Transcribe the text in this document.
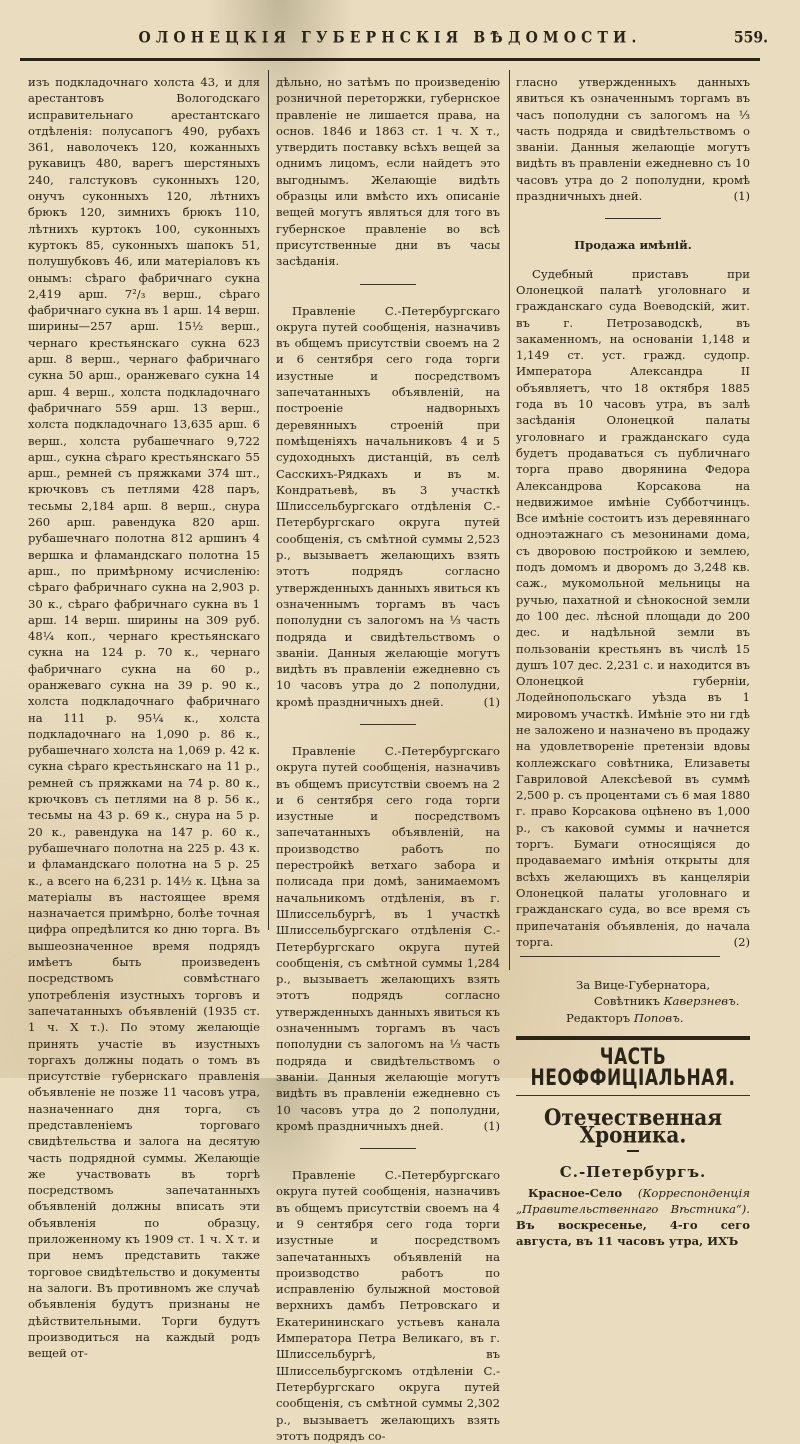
ОЛОНЕЦКІЯ ГУБЕРНСКІЯ ВѢДОМОСТИ.	559.

изъ подкладочнаго холста 43, и для арестантовъ Вологодскаго исправительнаго арестантскаго отдѣленія: полусапогъ 490, рубахъ 361, наволочекъ 120, кожанныхъ рукавицъ 480, варегъ шерстяныхъ 240, галстуковъ суконныхъ 120, онучъ суконныхъ 120, лѣтнихъ брюкъ 120, зимнихъ брюкъ 110, лѣтнихъ куртокъ 100, суконныхъ куртокъ 85, суконныхъ шапокъ 51, полушубковъ 46, или матеріаловъ къ онымъ: сѣраго фабричнаго сукна 2,419 арш. 7²/₃ верш., сѣраго фабричнаго сукна въ 1 арш. 14 верш. ширины—257 арш. 15½ верш., чернаго крестьянскаго сукна 623 арш. 8 верш., чернаго фабричнаго сукна 50 арш., оранжеваго сукна 14 арш. 4 верш., холста подкладочнаго фабричнаго 559 арш. 13 верш., холста подкладочнаго 13,635 арш. 6 верш., холста рубашечнаго 9,722 арш., сукна сѣраго крестьянскаго 55 арш., ремней съ пряжками 374 шт., крючковъ съ петлями 428 паръ, тесьмы 2,184 арш. 8 верш., снура 260 арш. равендука 820 арш. рубашечнаго полотна 812 аршинъ 4 вершка и фламандскаго полотна 15 арш., по примѣрному исчисленію: сѣраго фабричнаго сукна на 2,903 р. 30 к., сѣраго фабричнаго сукна въ 1 арш. 14 верш. ширины на 309 руб. 48¼ коп., чернаго крестьянскаго сукна на 124 р. 70 к., чернаго фабричнаго сукна на 60 р., оранжеваго сукна на 39 р. 90 к., холста подкладочнаго фабричнаго на 111 р. 95¼ к., холста подкладочнаго на 1,090 р. 86 к., рубашечнаго холста на 1,069 р. 42 к. сукна сѣраго крестьянскаго на 11 р., ремней съ пряжками на 74 р. 80 к., крючковъ съ петлями на 8 р. 56 к., тесьмы на 43 р. 69 к., снура на 5 р. 20 к., равендука на 147 р. 60 к., рубашечнаго полотна на 225 р. 43 к. и фламандскаго полотна на 5 р. 25 к., а всего на 6,231 р. 14½ к. Цѣна за матеріалы въ настоящее время назначается примѣрно, болѣе точная цифра опредѣлится ко дню торга. Въ вышеозначенное время подрядъ имѣетъ быть произведенъ посредствомъ совмѣстнаго употребленія изустныхъ торговъ и запечатанныхъ объявленій (1935 ст. 1 ч. X т.). По этому желающіе принять участіе въ изустныхъ торгахъ должны подать о томъ въ присутствіе губернскаго правленія объявленіе не позже 11 часовъ утра, назначеннаго дня торга, съ представленіемъ торговаго свидѣтельства и залога на десятую часть подрядной суммы. Желающіе же участвовать въ торгѣ посредствомъ запечатанныхъ объявленій должны вписать эти объявленія по образцу, приложенному къ 1909 ст. 1 ч. X т. и при немъ представить также торговое свидѣтельство и документы на залоги. Въ противномъ же случаѣ объявленія будутъ признаны не дѣйствительными. Торги будутъ производиться на каждый родъ вещей от-

дѣльно, но затѣмъ по произведенію розничной переторжки, губернское правленіе не лишается права, на основ. 1846 и 1863 ст. 1 ч. X т., утвердить поставку всѣхъ вещей за однимъ лицомъ, если найдетъ это выгоднымъ. Желающіе видѣть образцы или вмѣсто ихъ описаніе вещей могутъ являться для того въ губернское правленіе во всѣ присутственные дни въ часы засѣданія.

Правленіе С.-Петербургскаго округа путей сообщенія, назначивъ въ общемъ присутствіи своемъ на 2 и 6 сентября сего года торги изустные и посредствомъ запечатанныхъ объявленій, на построеніе надворныхъ деревянныхъ строеній при помѣщеніяхъ начальниковъ 4 и 5 судоходныхъ дистанцій, въ селѣ Сасскихъ-Рядкахъ и въ м. Кондратьевѣ, въ 3 участкѣ Шлиссельбургскаго отдѣленія С.-Петербургскаго округа путей сообщенія, съ смѣтной суммы 2,523 р., вызываетъ желающихъ взять этотъ подрядъ согласно утвержденныхъ данныхъ явиться къ означеннымъ торгамъ въ часъ пополудни съ залогомъ на ⅓ часть подряда и свидѣтельствомъ о званіи. Данныя желающіе могутъ видѣть въ правленіи ежедневно съ 10 часовъ утра до 2 пополудни, кромѣ праздничныхъ дней.	(1)

Правленіе С.-Петербургскаго округа путей сообщенія, назначивъ въ общемъ присутствіи своемъ на 2 и 6 сентября сего года торги изустные и посредствомъ запечатанныхъ объявленій, на производство работъ по перестройкѣ ветхаго забора и полисада при домѣ, занимаемомъ начальникомъ отдѣленія, въ г. Шлиссельбургѣ, въ 1 участкѣ Шлиссельбургскаго отдѣленія С.-Петербургскаго округа путей сообщенія, съ смѣтной суммы 1,284 р., вызываетъ желающихъ взять этотъ подрядъ согласно утвержденныхъ данныхъ явиться къ означеннымъ торгамъ въ часъ пополудни съ залогомъ на ⅓ часть подряда и свидѣтельствомъ о званіи. Данныя желающіе могутъ видѣть въ правленіи ежедневно съ 10 часовъ утра до 2 пополудни, кромѣ праздничныхъ дней.	(1)

Правленіе С.-Петербургскаго округа путей сообщенія, назначивъ въ общемъ присутствіи своемъ на 4 и 9 сентября сего года торги изустные и посредствомъ запечатанныхъ объявленій на производство работъ по исправленію булыжной мостовой верхнихъ дамбъ Петровскаго и Екатерининскаго устьевъ канала Императора Петра Великаго, въ г. Шлиссельбургѣ, въ Шлиссельбургскомъ отдѣленіи С.-Петербургскаго округа путей сообщенія, съ смѣтной суммы 2,302 р., вызываетъ желающихъ взять этотъ подрядъ со-

гласно утвержденныхъ данныхъ явиться къ означеннымъ торгамъ въ часъ пополудни съ залогомъ на ⅓ часть подряда и свидѣтельствомъ о званіи. Данныя желающіе могутъ видѣть въ правленіи ежедневно съ 10 часовъ утра до 2 пополудни, кромѣ праздничныхъ дней.	(1)

Продажа имѣній.

Судебный приставъ при Олонецкой палатѣ уголовнаго и гражданскаго суда Воеводскій, жит. въ г. Петрозаводскѣ, въ закаменномъ, на основаніи 1,148 и 1,149 ст. уст. гражд. судопр. Императора Александра II объявляетъ, что 18 октября 1885 года въ 10 часовъ утра, въ залѣ засѣданія Олонецкой палаты уголовнаго и гражданскаго суда будетъ продаваться съ публичнаго торга право дворянина Федора Александрова Корсакова на недвижимое имѣніе Субботчинцъ. Все имѣніе состоитъ изъ деревяннаго одноэтажнаго съ мезонинами дома, съ дворовою постройкою и землею, подъ домомъ и дворомъ до 3,248 кв. саж., мукомольной мельницы на ручью, пахатной и сѣнокосной земли до 100 дес. лѣсной площади до 200 дес. и надѣльной земли въ пользованіи крестьянъ въ числѣ 15 душъ 107 дес. 2,231 с. и находится въ Олонецкой губерніи, Лодейнопольскаго уѣзда въ 1 мировомъ участкѣ. Имѣніе это ни гдѣ не заложено и назначено въ продажу на удовлетвореніе претензіи вдовы коллежскаго совѣтника, Елизаветы Гавриловой Алексѣевой въ суммѣ 2,500 р. съ процентами съ 6 мая 1880 г. право Корсакова оцѣнено въ 1,000 р., съ каковой суммы и начнется торгъ. Бумаги относящіяся до продаваемаго имѣнія открыты для всѣхъ желающихъ въ канцеляріи Олонецкой палаты уголовнаго и гражданскаго суда, во все время съ припечатанія объявленія, до начала торга.	(2)

За Вице-Губернатора,

Совѣтникъ Каверзневъ.

Редакторъ Поповъ.

ЧАСТЬ НЕОФФИЦІАЛЬНАЯ.
Отечественная Хроника.
С.-Петербургъ.

Красное-Село (Корреспонденція „Правительственнаго Вѣстника“). Въ воскресенье, 4-го сего августа, въ 11 часовъ утра, ИХЪ
